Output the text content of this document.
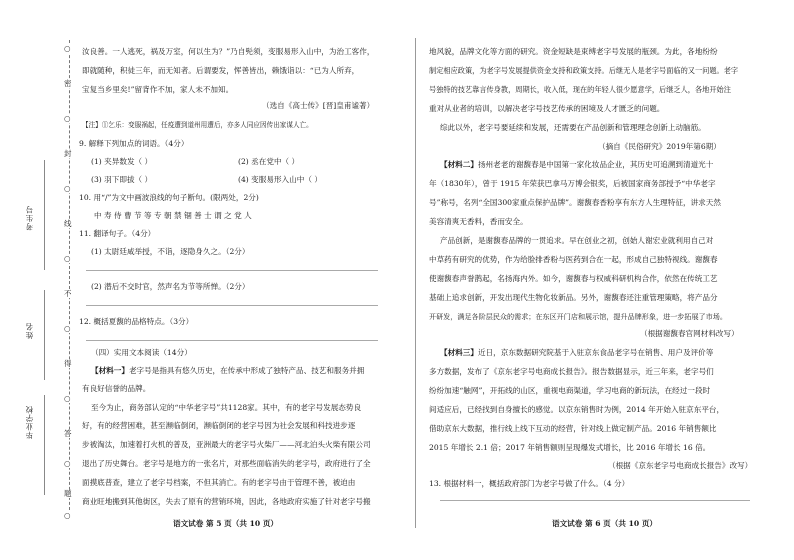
○
密
○
封
○
线
○
不
○
得
○
答
○
题
○
考生号
姓名
毕业学校
汝良善。一人逃死，祸及万室，何以生为？”乃自髡须，变服易形入山中，为治工客作，
即就随种，积徒三年，而无知者。后谓要发，恽善皆出，赖饿诣以：“已为人所弃，
宝复当乡里矣!”留背作不加，家人未不加知。
（选自《高士传》[晋]皇甫谧著）
【注】①乞乐：变服祸起，任疫遭到道州用遭后，亦多人同应因传出家谋人亡。
9. 解释下列加点的词语。（4分）
(1) 夹异数发（ ）	(2) 丞在党中（ ）
(3) 羽下即拔（ ）	(4) 变服易形入山中（ ）
10. 用“/”为文中画波浪线的句子断句。(限两处，2分)
中 寿 侍 曹 节 等 专 朝 禁 锢 善 士 谓 之 党 人
11. 翻译句子。（4分）
(1) 太尉廷咸举授，不诣，逐隐身久之。（2分）
(2) 潜后不交时官，然声名为节等所惮。（2分）
12. 概括夏馥的品格特点。（3分）
（四）实用文本阅读（14分）
【材料一】老字号是指具有悠久历史，在传承中形成了独特产品、技艺和服务并拥
有良好信誉的品牌。
至今为止，商务部认定的“中华老字号”共1128家。其中，有的老字号发展态势良
好，有的经营困难，甚至濒临倒闭，濒临倒闭的老字号因为社会发展和科技进步逐
步被淘汰，加速着打火机的普及，亚洲最大的老字号火柴厂——河北泊头火柴有限公司
退出了历史舞台。老字号是地方的一张名片，对那些面临消失的老字号，政府进行了全
面摸底普查，建立了老字号档案，不但其消亡。有的老字号由于管理不善，被迫由
商业旺地搬到其他街区，失去了原有的营销环境，因此，各地政府实施了针对老字号搬
语文试卷 第 5 页（共 10 页）
地风貌，品牌文化等方面的研究。资金短缺是束缚老字号发展的瓶颈。为此，各地纷纷
制定相应政策，为老字号发展提供资金支持和政策支持。后继无人是老字号面临的又一问题。老字
号独特的技艺靠言传身教，周期长，收入低，现在的年轻人很少愿意学，后继乏人，各地开始注
重对从业者的培训，以解决老字号技艺传承的困境及人才匮乏的问题。
综此以外，老字号要延续和发展，还需要在产品创新和管理理念创新上动脑筋。
（摘自《民俗研究》2019年第6期）
【材料二】扬州老老的谢馥春是中国第一家化妆品企业，其历史可追溯到清道光十
年（1830年），曾于 1915 年荣获巴拿马万博会银奖，后被国家商务部授予“中华老字
号”称号，名列“全国300家重点保护品牌”。谢馥春香粉享有东方人生理特征，讲求天然
美容清爽无香料，香而安全。
产品创新，是谢馥春品牌的一贯追求。早在创业之初，创始人谢宏业就利用自己对
中草药有研究的优势，作为给脸排香粉与医药到合在一起，形成自己独特视线。谢馥春
使谢馥春声誉鹊起，名扬海内外。如今，谢馥春与权威科研机构合作，依然在传统工艺
基础上追求创新，开发出现代生物化妆新品。另外，谢馥春还注重管理策略，将产品分
开研发，满足各阶层民众的需求；在东区开门店和展示馆，提升品牌形象，进一步拓展了市场。
（根据谢馥春官网材料改写）
【材料三】近日，京东数据研究院基于入驻京东食品老字号在销售、用户及评价等
多方数据，发布了《京东老字号电商成长报告》。报告数据显示，近三年来，老字号们
纷纷加速“触网”，开拓线的山区，重视电商渠道，学习电商的新玩法，在经过一段时
间适应后，已经找到自身擅长的感觉。以京东销售时为例，2014 年开始入驻京东平台，
借助京东大数据，推行线上线下互动的经营，针对线上做定制产品。2016 年销售额比
2015 年增长 2.1 倍；2017 年销售额则呈现爆发式增长，比 2016 年增长 16 倍。
（根据《京东老字号电商成长报告》改写）
13. 根据材料一，概括政府部门为老字号做了什么。（4 分）
语文试卷 第 6 页（共 10 页）
